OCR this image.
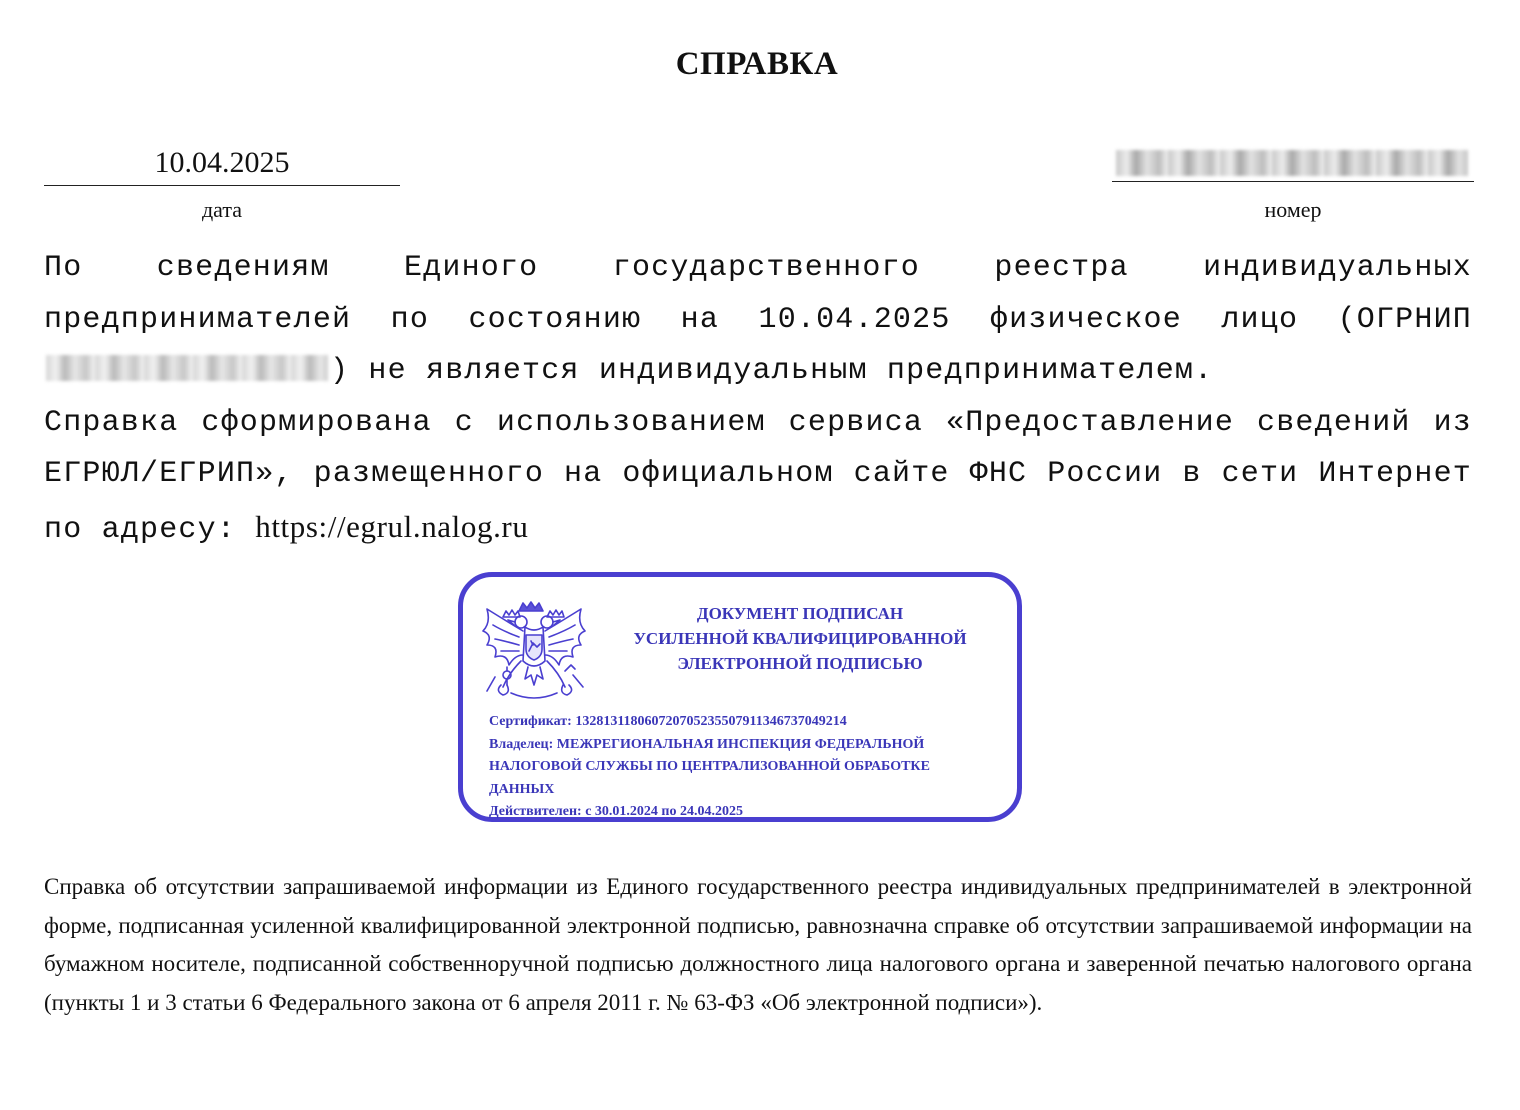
СПРАВКА
10.04.2025
дата	номер

По сведениям Единого государственного реестра индивидуальных предпринимателей по состоянию на 10.04.2025 физическое лицо (ОГРНИП ) не является индивидуальным предпринимателем.

Справка сформирована с использованием сервиса «Предоставление сведений из ЕГРЮЛ/ЕГРИП», размещенного на официальном сайте ФНС России в сети Интернет по адресу: https://egrul.nalog.ru

ДОКУМЕНТ ПОДПИСАН
УСИЛЕННОЙ КВАЛИФИЦИРОВАННОЙ
ЭЛЕКТРОННОЙ ПОДПИСЬЮ
Сертификат: 1328131180607207052355079113467370492​14
Владелец: МЕЖРЕГИОНАЛЬНАЯ ИНСПЕКЦИЯ ФЕДЕРАЛЬНОЙ
НАЛОГОВОЙ СЛУЖБЫ ПО ЦЕНТРАЛИЗОВАННОЙ ОБРАБОТКЕ
ДАННЫХ
Действителен: с 30.01.2024 по 24.04.2025

Справка об отсутствии запрашиваемой информации из Единого государственного реестра индивидуальных предпринимателей в электронной форме, подписанная усиленной квалифицированной электронной подписью, равнозначна справке об отсутствии запрашиваемой информации на бумажном носителе, подписанной собственноручной подписью должностного лица налогового органа и заверенной печатью налогового органа (пункты 1 и 3 статьи 6 Федерального закона от 6 апреля 2011 г. № 63-ФЗ «Об электронной подписи»).
